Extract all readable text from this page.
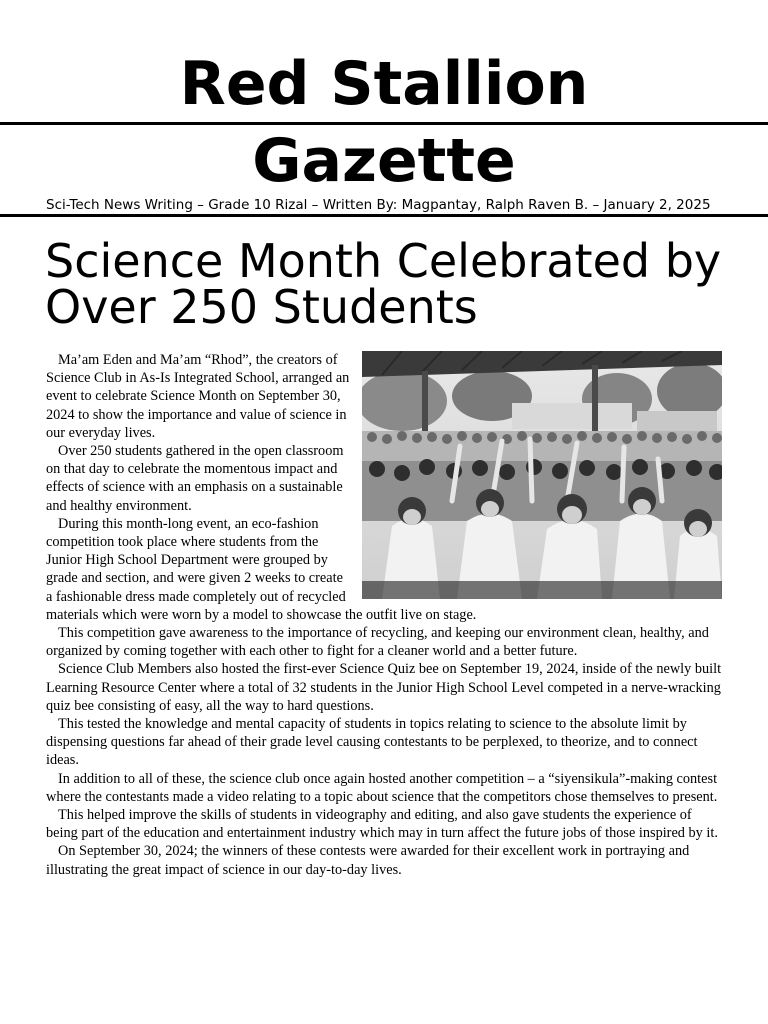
Red Stallion
Gazette

Sci-Tech News Writing – Grade 10 Rizal – Written By: Magpantay, Ralph Raven B. – January 2, 2025

Science Month Celebrated by Over 250 Students

Ma’am Eden and Ma’am “Rhod”, the creators of Science Club in As-Is Integrated School, arranged an event to celebrate Science Month on September 30, 2024 to show the importance and value of science in our everyday lives.

Over 250 students gathered in the open classroom on that day to celebrate the momentous impact and effects of science with an emphasis on a sustainable and healthy environment.

During this month-long event, an eco-fashion competition took place where students from the Junior High School Department were grouped by grade and section, and were given 2 weeks to create a fashionable dress made completely out of recycled materials which were worn by a model to showcase the outfit live on stage.

This competition gave awareness to the importance of recycling, and keeping our environment clean, healthy, and organized by coming together with each other to fight for a cleaner world and a better future.

Science Club Members also hosted the first-ever Science Quiz bee on September 19, 2024, inside of the newly built Learning Resource Center where a total of 32 students in the Junior High School Level competed in a nerve-wracking quiz bee consisting of easy, all the way to hard questions.

This tested the knowledge and mental capacity of students in topics relating to science to the absolute limit by dispensing questions far ahead of their grade level causing contestants to be perplexed, to theorize, and to connect ideas.

In addition to all of these, the science club once again hosted another competition – a “siyensikula”-making contest where the contestants made a video relating to a topic about science that the competitors chose themselves to present.

This helped improve the skills of students in videography and editing, and also gave students the experience of being part of the education and entertainment industry which may in turn affect the future jobs of those inspired by it.

On September 30, 2024; the winners of these contests were awarded for their excellent work in portraying and illustrating the great impact of science in our day-to-day lives.
